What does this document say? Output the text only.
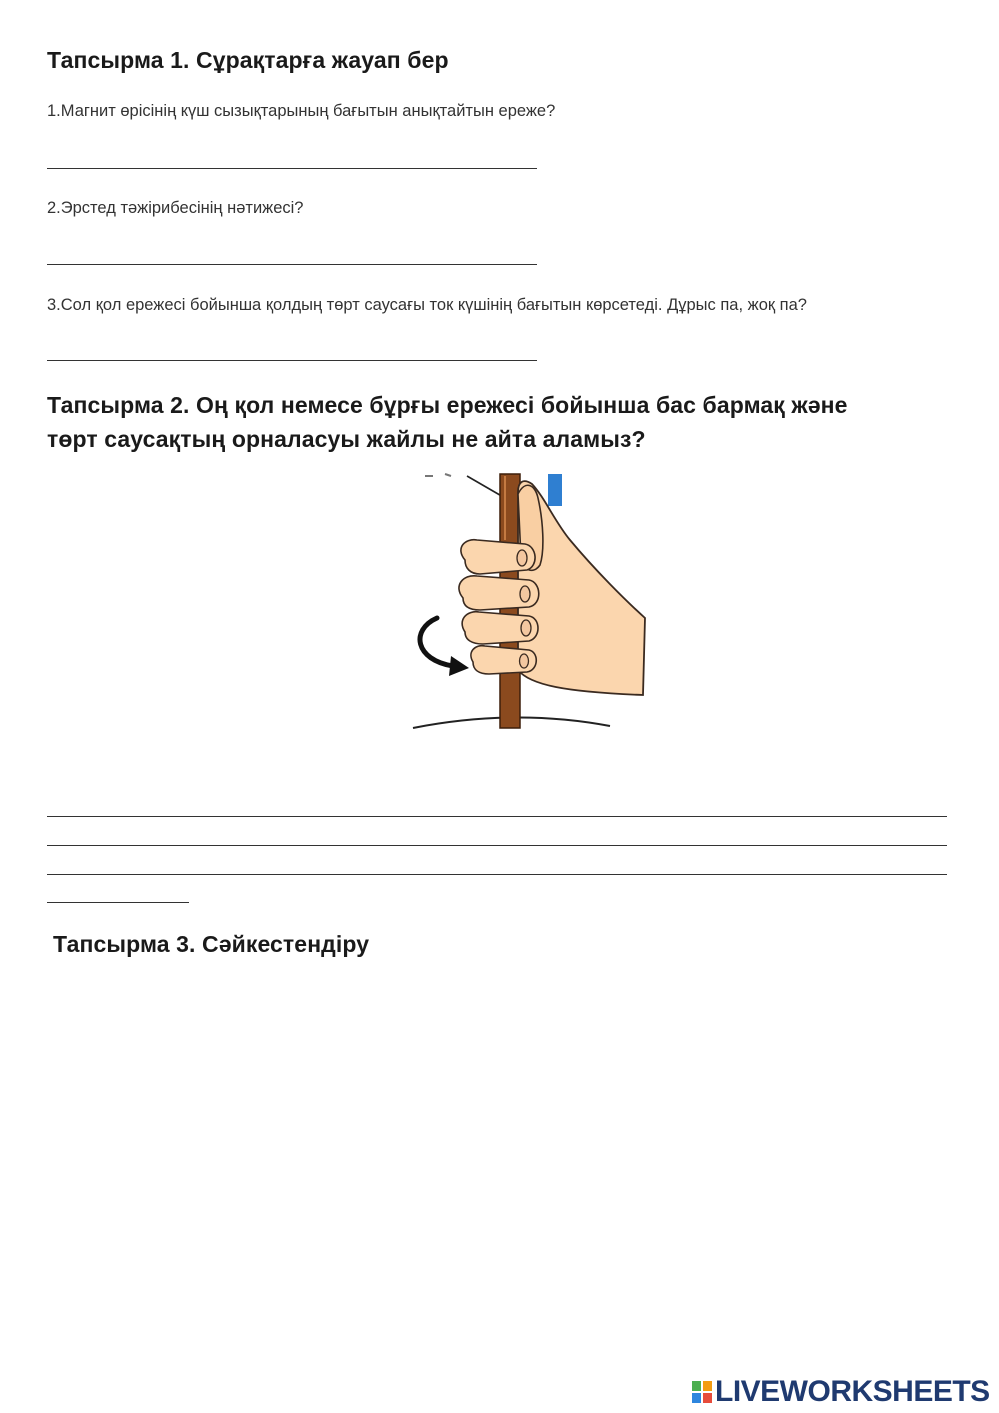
Тапсырма 1. Сұрақтарға жауап бер
1.Магнит өрісінің күш сызықтарының бағытын анықтайтын ереже?
2.Эрстед тәжірибесінің нәтижесі?
3.Сол қол ережесі бойынша қолдың төрт саусағы ток күшінің бағытын көрсетеді. Дұрыс па, жоқ па?
Тапсырма 2. Оң қол немесе бұрғы ережесі бойынша бас бармақ және
төрт саусақтың орналасуы жайлы не айта аламыз?
Тапсырма 3. Сәйкестендіру
LIVEWORKSHEETS
